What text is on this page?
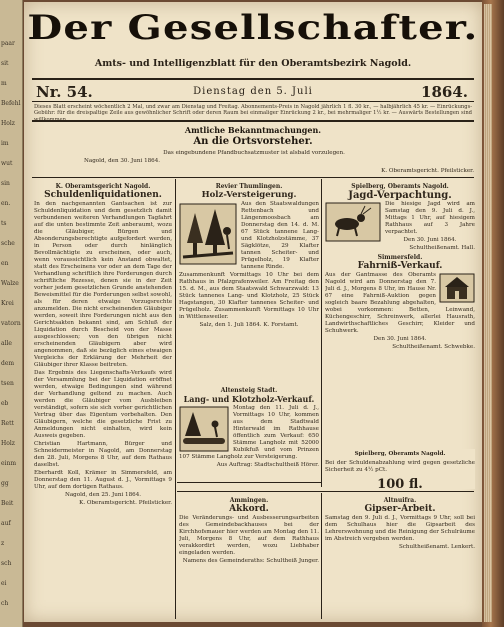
paar
sit
m
Befehl
Holz
im
wut
sin
en.
ts
sche
en
Walze
Krei
vatorn
alle
dem
tsen
eb
Rett
Holz
einm
gg
Beit
auf
z
sch
ei
ch
Der Gesellschafter.
Amts- und Intelligenzblatt für den Oberamtsbezirk Nagold.
Nr. 54.	Dienstag den 5. Juli	1864.
Dieses Blatt erscheint wöchentlich 2 Mal, und zwar am Dienstag und Freitag. Abonnements-Preis in Nagold jährlich 1 fl. 30 kr., — halbjährlich 45 kr. — Einrückungs-Gebühr: für die dreispaltige Zeile aus gewöhnlicher Schrift oder deren Raum bei einmaliger Einrückung 2 kr., bei mehrmaliger 1½ kr. — Auswärts Bestellungen sind willkommen.
Amtliche Bekanntmachungen.
An die Ortsvorsteher.
Das eingebundene Pfandbuchsatzmuster ist alsbald vorzulegen.
Nagold, den 30. Juni 1864.
K. Oberamtsgericht. Pfeilsticker.
K. Oberamtsgericht Nagold.
Schuldenliquidationen.

In den nachgenannten Gantsachen ist zur Schuldenliquidation und dem gesetzlich damit verbundenen weiteren Verhandlungen Tagfahrt auf die unten bestimmte Zeit anberaumt, wozu die Gläubiger, Bürgen und Absonderungsberechtigte aufgefordert werden, in Person oder durch hinlänglich Bevollmächtigte zu erscheinen, oder auch, wenn voraussichtlich kein Anstand obwaltet, statt des Erscheinens vor oder an dem Tage der Verhandlung schriftlich ihre Forderungen durch schriftliche Rezesse, denen sie in der Zeit vorher jedem gesetzlichen Grunde anstehenden Beweismittel für die Forderungen selbst sowohl, als für deren etwaige Vorzugsrechte anzumelden. Die nicht erscheinenden Gläubiger werden, soweit ihre Forderungen nicht aus den Gerichtsakten bekannt sind, am Schluß der Liquidation durch Bescheid von der Masse ausgeschlossen; von den übrigen nicht erscheinenden Gläubigern aber wird angenommen, daß sie bezüglich eines etwaigen Vergleichs der Erklärung der Mehrheit der Gläubiger ihrer Klasse beitreten.

Das Ergebnis des Liegenschafts-Verkaufs wird der Versammlung bei der Liquidation eröffnet werden, etwaige Bedingungen sind während der Verhandlung geltend zu machen. Auch werden die Gläubiger vom Ausbleiben verständigt, sofern sie sich vorher gerichtlichen Vertrag über das Eigentum vorbehalten. Den Gläubigern, welche die gesetzliche Frist zu Anmeldungen nicht einhalten, wird kein Ausweis gegeben.

Christian Hartmann, Bürger und Schneidermeister in Nagold, am Donnerstag den 28. Juli, Morgens 8 Uhr, auf dem Rathaus daselbst.

Eberhardt Koll, Krämer in Simmersfeld, am Donnerstag den 11. August d. J., Vormittags 9 Uhr, auf dem dortigen Rathaus.

Nagold, den 25. Juni 1864.

K. Oberamtsgericht. Pfeilsticker.

Revier Thumlingen.
Holz-Versteigerung.

Aus den Staatswaldungen Rettenbach und Längenmoosbach am Donnerstag den 14. d. M. 67 Stück tannene Lang- und Klotzholzstämme, 37 Sägklötze, 29 Klafter tannen Scheiter- und Prügelholz, 19 Klafter tannene Rinde.

Zusammenkunft Vormittags 10 Uhr bei dem Rathhaus in Pfalzgrafenweiler. Am Freitag den 15. d. M., aus dem Staatswald Schwarzwald: 13 Stück tannenes Lang- und Klotzholz, 25 Stück Hagstangen, 30 Klafter tannenes Scheiter- und Prügelholz. Zusammenkunft Vormittags 10 Uhr in Wittlensweiler.

Salz, den 1. Juli 1864. K. Forstamt.

Altensteig Stadt.
Lang- und Klotzholz-Verkauf.

Montag den 11. Juli d. J., Vormittags 10 Uhr, kommen aus dem Stadtwald Hinterwald im Rathhause öffentlich zum Verkauf: 650 Stämme Langholz mit 52000 Kubikfuß und vom Prinzen 107 Stämme Langholz zur Versteigerung.

Aus Auftrag: Stadtschultheiß Hörer.

Spielberg, Oberamts Nagold.
Jagd-Verpachtung.

Die hiesige Jagd wird am Samstag den 9. Juli d. J., Mittags 1 Uhr, auf hiesigem Rathhaus auf 3 Jahre verpachtet.

Den 30. Juni 1864.

Schultheißenamt. Hall.

Simmersfeld.
Fahrniß-Verkauf.

Aus der Gantmasse des Oberamts Nagold wird am Donnerstag den 7. Juli d. J., Morgens 8 Uhr, im Hause Nr. 67 eine Fahrniß-Auktion gegen sogleich baare Bezahlung abgehalten, wobei vorkommen: Betten, Leinwand, Küchengeschirr, Schreinwerk, allerlei Hausrath, Landwirthschaftliches Geschirr, Kleider und Schuhwerk.

Den 30. Juni 1864.

Schultheißenamt. Schwebke.

Spielberg, Oberamts Nagold.

Bei der Schuldenabzahlung wird gegen gesetzliche Sicherheit zu 4½ pCt.

100 fl.
Ammingen.
Akkord.

Die Veränderungs- und Ausbesserungsarbeiten des Gemeindebackhauses bei der Kirchhofsmauer hier werden am Montag den 11. Juli, Morgens 8 Uhr, auf dem Rathhaus verakkordirt werden, wozu Liebhaber eingeladen werden.

Namens des Gemeinderaths: Schultheiß Junger.

Altnuifra.
Gipser-Arbeit.

Samstag den 9. Juli d. J., Vormittags 9 Uhr, soll bei dem Schulhaus hier die Gipsarbeit des Lehrerswohnung und die Reinigung der Schulräume im Abstreich vergeben werden.

Schultheißenamt. Lenkert.
